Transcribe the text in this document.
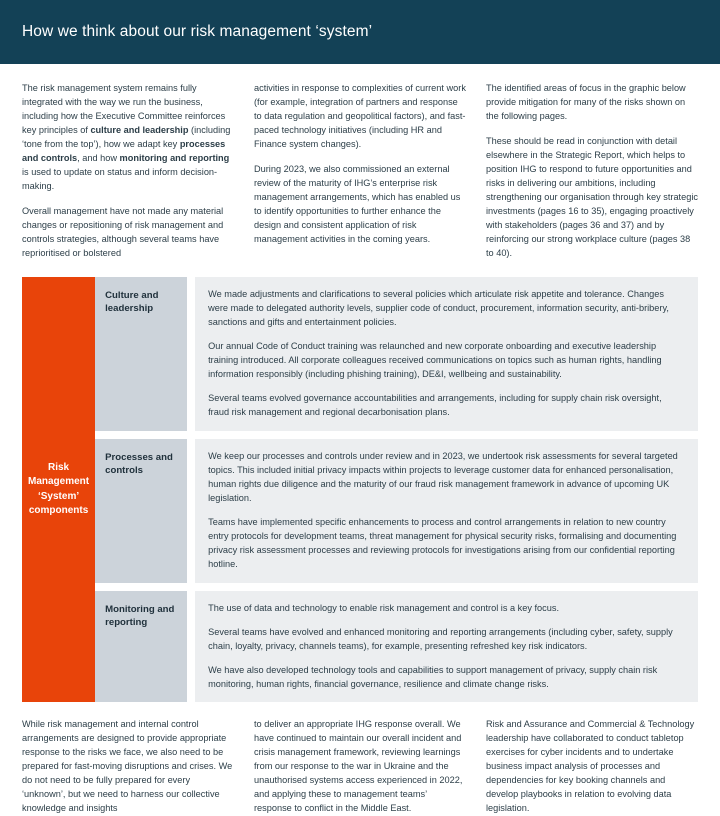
How we think about our risk management ‘system’

The risk management system remains fully integrated with the way we run the business, including how the Executive Committee reinforces key principles of culture and leadership (including ‘tone from the top’), how we adapt key processes and controls, and how monitoring and reporting is used to update on status and inform decision-making.

Overall management have not made any material changes or repositioning of risk management and controls strategies, although several teams have reprioritised or bolstered

activities in response to complexities of current work (for example, integration of partners and response to data regulation and geopolitical factors), and fast-paced technology initiatives (including HR and Finance system changes).

During 2023, we also commissioned an external review of the maturity of IHG’s enterprise risk management arrangements, which has enabled us to identify opportunities to further enhance the design and consistent application of risk management activities in the coming years.

The identified areas of focus in the graphic below provide mitigation for many of the risks shown on the following pages.

These should be read in conjunction with detail elsewhere in the Strategic Report, which helps to position IHG to respond to future opportunities and risks in delivering our ambitions, including strengthening our organisation through key strategic investments (pages 16 to 35), engaging proactively with stakeholders (pages 36 and 37) and by reinforcing our strong workplace culture (pages 38 to 40).

Risk Management ‘System’ components
Culture and leadership

We made adjustments and clarifications to several policies which articulate risk appetite and tolerance. Changes were made to delegated authority levels, supplier code of conduct, procurement, information security, anti-bribery, sanctions and gifts and entertainment policies.

Our annual Code of Conduct training was relaunched and new corporate onboarding and executive leadership training introduced. All corporate colleagues received communications on topics such as human rights, handling information responsibly (including phishing training), DE&I, wellbeing and sustainability.

Several teams evolved governance accountabilities and arrangements, including for supply chain risk oversight, fraud risk management and regional decarbonisation plans.

Processes and controls

We keep our processes and controls under review and in 2023, we undertook risk assessments for several targeted topics. This included initial privacy impacts within projects to leverage customer data for enhanced personalisation, human rights due diligence and the maturity of our fraud risk management framework in advance of upcoming UK legislation.

Teams have implemented specific enhancements to process and control arrangements in relation to new country entry protocols for development teams, threat management for physical security risks, formalising and documenting privacy risk assessment processes and reviewing protocols for investigations arising from our confidential reporting hotline.

Monitoring and reporting

The use of data and technology to enable risk management and control is a key focus.

Several teams have evolved and enhanced monitoring and reporting arrangements (including cyber, safety, supply chain, loyalty, privacy, channels teams), for example, presenting refreshed key risk indicators.

We have also developed technology tools and capabilities to support management of privacy, supply chain risk monitoring, human rights, financial governance, resilience and climate change risks.

While risk management and internal control arrangements are designed to provide appropriate response to the risks we face, we also need to be prepared for fast-moving disruptions and crises. We do not need to be fully prepared for every ‘unknown’, but we need to harness our collective knowledge and insights

to deliver an appropriate IHG response overall. We have continued to maintain our overall incident and crisis management framework, reviewing learnings from our response to the war in Ukraine and the unauthorised systems access experienced in 2022, and applying these to management teams’ response to conflict in the Middle East.

Risk and Assurance and Commercial & Technology leadership have collaborated to conduct tabletop exercises for cyber incidents and to undertake business impact analysis of processes and dependencies for key booking channels and develop playbooks in relation to evolving data legislation.
